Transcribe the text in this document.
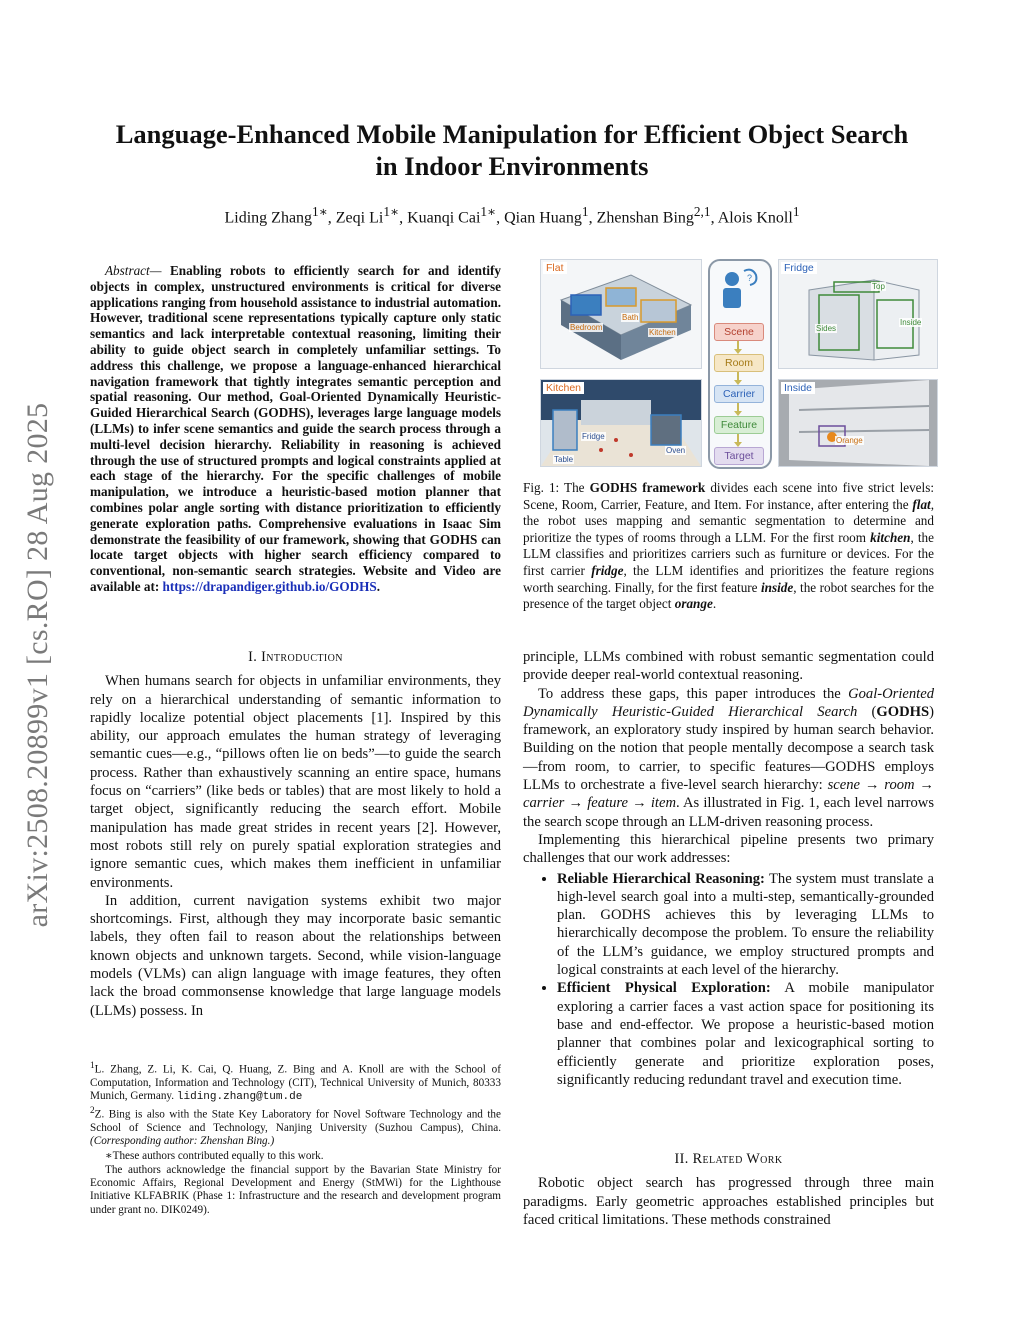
arXiv:2508.20899v1 [cs.RO] 28 Aug 2025
Language-Enhanced Mobile Manipulation for Efficient Object Search
in Indoor Environments
Liding Zhang$^{1∗}$, Zeqi $Li^{1∗}$, Kuanqi Cai$^{1∗}$, Qian Huang$^1$, Zhenshan Bing$^{2,1}$, Alois Knoll$^1$

Abstract— Enabling robots to efficiently search for and identify objects in complex, unstructured environments is critical for diverse applications ranging from household assistance to industrial automation. However, traditional scene representations typically capture only static semantics and lack interpretable contextual reasoning, limiting their ability to guide object search in completely unfamiliar settings. To address this challenge, we propose a language-enhanced hierarchical navigation framework that tightly integrates semantic perception and spatial reasoning. Our method, Goal-Oriented Dynamically Heuristic-Guided Hierarchical Search (GODHS), leverages large language models (LLMs) to infer scene semantics and guide the search process through a multi-level decision hierarchy. Reliability in reasoning is achieved through the use of structured prompts and logical constraints applied at each stage of the hierarchy. For the specific challenges of mobile manipulation, we introduce a heuristic-based motion planner that combines polar angle sorting with distance prioritization to efficiently generate exploration paths. Comprehensive evaluations in Isaac Sim demonstrate the feasibility of our framework, showing that GODHS can locate target objects with higher search efficiency compared to conventional, non-semantic search strategies. Website and Video are available at: https://drapandiger.github.io/GODHS.

I. Introduction

When humans search for objects in unfamiliar environments, they rely on a hierarchical understanding of semantic information to rapidly localize potential object placements [1]. Inspired by this ability, our approach emulates the human strategy of leveraging semantic cues—e.g., “pillows often lie on beds”—to guide the search process. Rather than exhaustively scanning an entire space, humans focus on “carriers” (like beds or tables) that are most likely to hold a target object, significantly reducing the search effort. Mobile manipulation has made great strides in recent years [2]. However, most robots still rely on purely spatial exploration strategies and ignore semantic cues, which makes them inefficient in unfamiliar environments.

In addition, current navigation systems exhibit two major shortcomings. First, although they may incorporate basic semantic labels, they often fail to reason about the relationships between known objects and unknown targets. Second, while vision-language models (VLMs) can align language with image features, they often lack the broad commonsense knowledge that large language models (LLMs) possess. In

$^1$L. Zhang, Z. Li, K. Cai, Q. Huang, Z. Bing and A. Knoll are with the School of Computation, Information and Technology (CIT), Technical University of Munich, 80333 Munich, Germany. liding.zhang@tum.de

$^2$Z. Bing is also with the State Key Laboratory for Novel Software Technology and the School of Science and Technology, Nanjing University (Suzhou Campus), China. (Corresponding author: Zhenshan Bing.)

∗These authors contributed equally to this work.

The authors acknowledge the financial support by the Bavarian State Ministry for Economic Affairs, Regional Development and Energy (StMWi) for the Lighthouse Initiative KLFABRIK (Phase 1: Infrastructure and the research and development program under grant no. DIK0249).

Flat
Bedroom
Bath
Kitchen
Kitchen
Fridge
Oven
Table
?
Scene
Room
Carrier
Feature
Target
Fridge
Top
Sides
Inside
Inside
Orange
Fig. 1: The GODHS framework divides each scene into five strict levels: Scene, Room, Carrier, Feature, and Item. For instance, after entering the flat, the robot uses mapping and semantic segmentation to determine and prioritize the types of rooms through a LLM. For the first room kitchen, the LLM classifies and prioritizes carriers such as furniture or devices. For the first carrier fridge, the LLM identifies and prioritizes the feature regions worth searching. Finally, for the first feature inside, the robot searches for the presence of the target object orange.

principle, LLMs combined with robust semantic segmentation could provide deeper real-world contextual reasoning.

To address these gaps, this paper introduces the Goal-Oriented Dynamically Heuristic-Guided Hierarchical Search (GODHS) framework, an exploratory study inspired by human search behavior. Building on the notion that people mentally decompose a search task—from room, to carrier, to specific features—GODHS employs LLMs to orchestrate a five-level search hierarchy: scene → room → carrier → feature → item. As illustrated in Fig. 1, each level narrows the search scope through an LLM-driven reasoning process.

Implementing this hierarchical pipeline presents two primary challenges that our work addresses:

• Reliable Hierarchical Reasoning: The system must translate a high-level search goal into a multi-step, semantically-grounded plan. GODHS achieves this by leveraging LLMs to hierarchically decompose the problem. To ensure the reliability of the LLM’s guidance, we employ structured prompts and logical constraints at each level of the hierarchy.
• Efficient Physical Exploration: A mobile manipulator exploring a carrier faces a vast action space for positioning its base and end-effector. We propose a heuristic-based motion planner that combines polar and lexicographical sorting to efficiently generate and prioritize exploration poses, significantly reducing redundant travel and execution time.
II. Related Work

Robotic object search has progressed through three main paradigms. Early geometric approaches established principles but faced critical limitations. These methods constrained
